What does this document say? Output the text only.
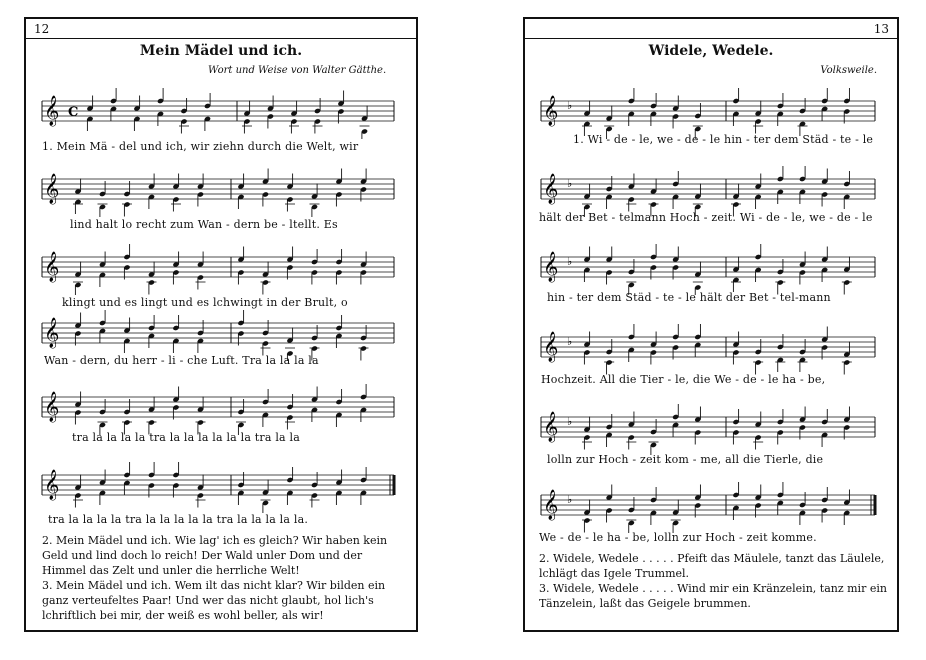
12
Mein Mädel und ich.
Wort und Weise von Walter Gätthe.
𝄞 C
1. Mein Mä - del und ich, wir ziehn durch die Welt, wir
𝄞
lind halt lo recht zum Wan - dern be - ltellt. Es
𝄞
klingt und es lingt und es lchwingt in der Brult, o
𝄞
Wan - dern, du herr - li - che Luft. Tra la la la la
𝄞
tra la la la la tra la la la la la la tra la la
𝄞
tra la la la la tra la la la la la tra la la la la la.

2. Mein Mädel und ich. Wie lag' ich es gleich? Wir haben kein Geld und lind doch lo reich! Der Wald unler Dom und der Himmel das Zelt und unler die herrliche Welt!

3. Mein Mädel und ich. Wem ilt das nicht klar? Wir bilden ein ganz verteufeltes Paar! Und wer das nicht glaubt, hol lich's lchriftlich bei mir, der weiß es wohl beller, als wir!

13
Widele, Wedele.
Volksweile.
𝄞 ♭
1. Wi - de - le, we - de - le hin - ter dem Städ - te - le
𝄞 ♭
hält der Bet - telmann Hoch - zeit. Wi - de - le, we - de - le
𝄞 ♭
hin - ter dem Städ - te - le hält der Bet - tel-mann
𝄞 ♭
Hochzeit. All die Tier - le, die We - de - le ha - be,
𝄞 ♭
lolln zur Hoch - zeit kom - me, all die Tierle, die
𝄞 ♭
We - de - le ha - be, lolln zur Hoch - zeit komme.

2. Widele, Wedele . . . . . Pfeift das Mäulele, tanzt das Läulele, lchlägt das Igele Trummel.

3. Widele, Wedele . . . . . Wind mir ein Kränzelein, tanz mir ein Tänzelein, laßt das Geigele brummen.
